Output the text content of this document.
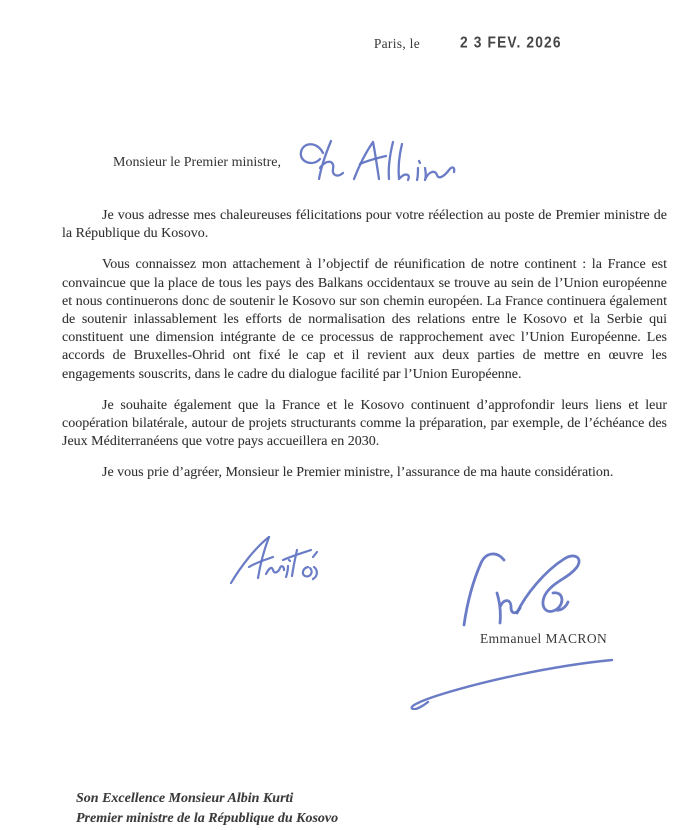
Paris, le	2 3 FEV. 2026
Monsieur le Premier ministre,

Je vous adresse mes chaleureuses félicitations pour votre réélection au poste de Premier ministre de la République du Kosovo.

Vous connaissez mon attachement à l’objectif de réunification de notre continent : la France est convaincue que la place de tous les pays des Balkans occidentaux se trouve au sein de l’Union européenne et nous continuerons donc de soutenir le Kosovo sur son chemin européen. La France continuera également de soutenir inlassablement les efforts de normalisation des relations entre le Kosovo et la Serbie qui constituent une dimension intégrante de ce processus de rapprochement avec l’Union Européenne. Les accords de Bruxelles-Ohrid ont fixé le cap et il revient aux deux parties de mettre en œuvre les engagements souscrits, dans le cadre du dialogue facilité par l’Union Européenne.

Je souhaite également que la France et le Kosovo continuent d’approfondir leurs liens et leur coopération bilatérale, autour de projets structurants comme la préparation, par exemple, de l’échéance des Jeux Méditerranéens que votre pays accueillera en 2030.

Je vous prie d’agréer, Monsieur le Premier ministre, l’assurance de ma haute considération.

Emmanuel MACRON
Son Excellence Monsieur Albin Kurti
Premier ministre de la République du Kosovo
